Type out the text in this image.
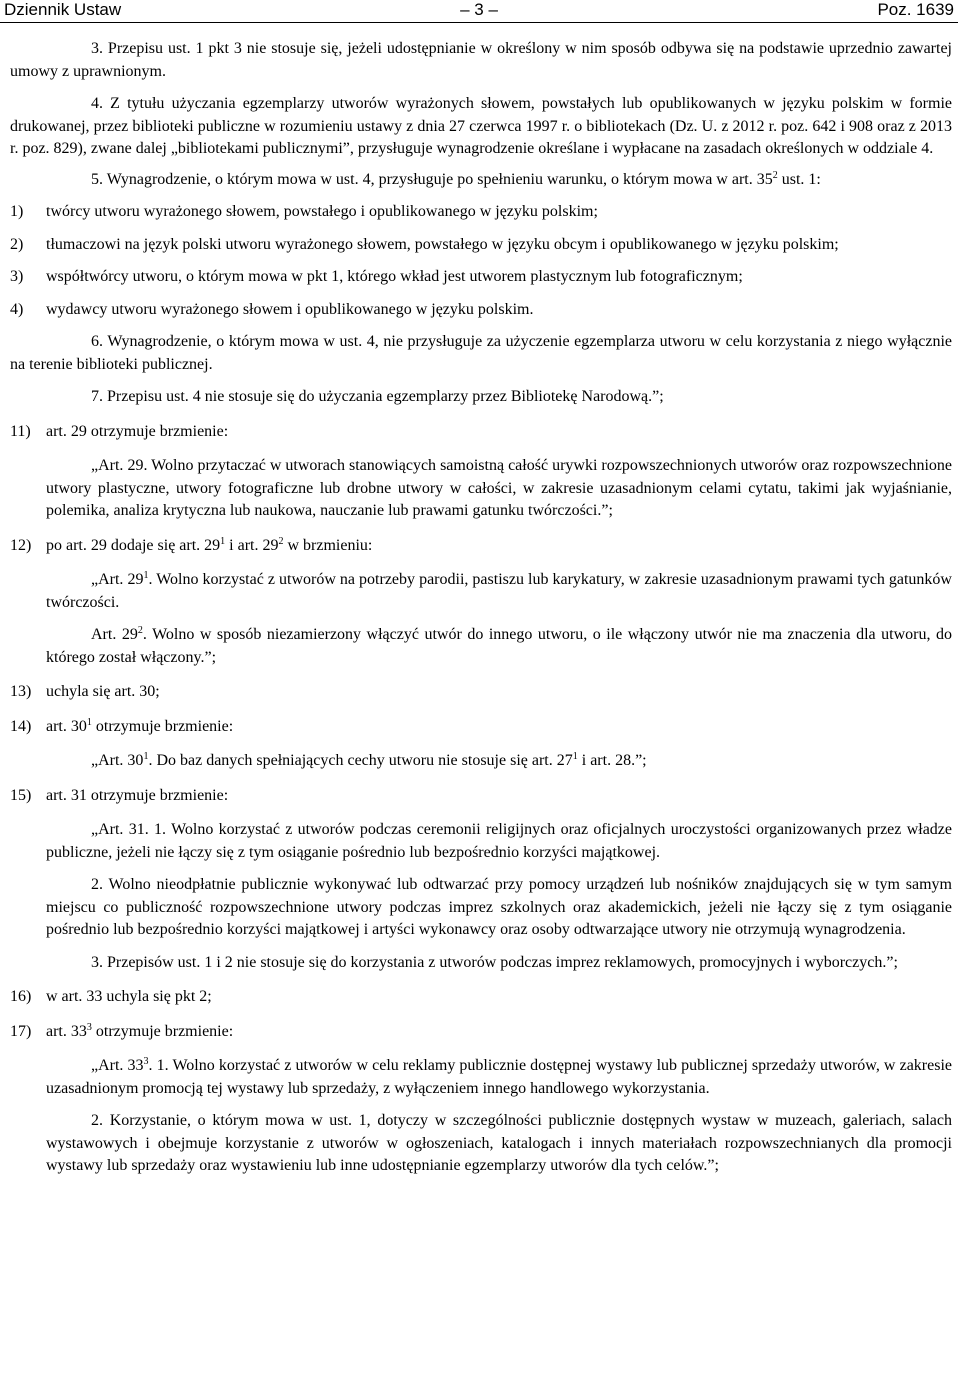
Dziennik Ustaw	– 3 –	Poz. 1639

3. Przepisu ust. 1 pkt 3 nie stosuje się, jeżeli udostępnianie w określony w nim sposób odbywa się na podstawie uprzednio zawartej umowy z uprawnionym.

4. Z tytułu użyczania egzemplarzy utworów wyrażonych słowem, powstałych lub opublikowanych w języku polskim w formie drukowanej, przez biblioteki publiczne w rozumieniu ustawy z dnia 27 czerwca 1997 r. o bibliotekach (Dz. U. z 2012 r. poz. 642 i 908 oraz z 2013 r. poz. 829), zwane dalej „bibliotekami publicznymi”, przysługuje wynagrodzenie określane i wypłacane na zasadach określonych w oddziale 4.

5. Wynagrodzenie, o którym mowa w ust. 4, przysługuje po spełnieniu warunku, o którym mowa w art. $35^2$ ust. 1:

1) twórcy utworu wyrażonego słowem, powstałego i opublikowanego w języku polskim;
2) tłumaczowi na język polski utworu wyrażonego słowem, powstałego w języku obcym i opublikowanego w języku polskim;
3) współtwórcy utworu, o którym mowa w pkt 1, którego wkład jest utworem plastycznym lub fotograficznym;
4) wydawcy utworu wyrażonego słowem i opublikowanego w języku polskim.

6. Wynagrodzenie, o którym mowa w ust. 4, nie przysługuje za użyczenie egzemplarza utworu w celu korzystania z niego wyłącznie na terenie biblioteki publicznej.

7. Przepisu ust. 4 nie stosuje się do użyczania egzemplarzy przez Bibliotekę Narodową.”;

11) art. 29 otrzymuje brzmienie:

„Art. 29. Wolno przytaczać w utworach stanowiących samoistną całość urywki rozpowszechnionych utworów oraz rozpowszechnione utwory plastyczne, utwory fotograficzne lub drobne utwory w całości, w zakresie uzasadnionym celami cytatu, takimi jak wyjaśnianie, polemika, analiza krytyczna lub naukowa, nauczanie lub prawami gatunku twórczości.”;

12) po art. 29 dodaje się art. $29^1$ i art. $29^2$ w brzmieniu:

„Art. $29^1$. Wolno korzystać z utworów na potrzeby parodii, pastiszu lub karykatury, w zakresie uzasadnionym prawami tych gatunków twórczości.

Art. $29^2$. Wolno w sposób niezamierzony włączyć utwór do innego utworu, o ile włączony utwór nie ma znaczenia dla utworu, do którego został włączony.”;

13) uchyla się art. 30;
14) art. $30^1$ otrzymuje brzmienie:

„Art. $30^1$. Do baz danych spełniających cechy utworu nie stosuje się art. $27^1$ i art. 28.”;

15) art. 31 otrzymuje brzmienie:

„Art. 31. 1. Wolno korzystać z utworów podczas ceremonii religijnych oraz oficjalnych uroczystości organizowanych przez władze publiczne, jeżeli nie łączy się z tym osiąganie pośrednio lub bezpośrednio korzyści majątkowej.

2. Wolno nieodpłatnie publicznie wykonywać lub odtwarzać przy pomocy urządzeń lub nośników znajdujących się w tym samym miejscu co publiczność rozpowszechnione utwory podczas imprez szkolnych oraz akademickich, jeżeli nie łączy się z tym osiąganie pośrednio lub bezpośrednio korzyści majątkowej i artyści wykonawcy oraz osoby odtwarzające utwory nie otrzymują wynagrodzenia.

3. Przepisów ust. 1 i 2 nie stosuje się do korzystania z utworów podczas imprez reklamowych, promocyjnych i wyborczych.”;

16) w art. 33 uchyla się pkt 2;
17) art. $33^3$ otrzymuje brzmienie:

„Art. $33^3$. 1. Wolno korzystać z utworów w celu reklamy publicznie dostępnej wystawy lub publicznej sprzedaży utworów, w zakresie uzasadnionym promocją tej wystawy lub sprzedaży, z wyłączeniem innego handlowego wykorzystania.

2. Korzystanie, o którym mowa w ust. 1, dotyczy w szczególności publicznie dostępnych wystaw w muzeach, galeriach, salach wystawowych i obejmuje korzystanie z utworów w ogłoszeniach, katalogach i innych materiałach rozpowszechnianych dla promocji wystawy lub sprzedaży oraz wystawieniu lub inne udostępnianie egzemplarzy utworów dla tych celów.”;
